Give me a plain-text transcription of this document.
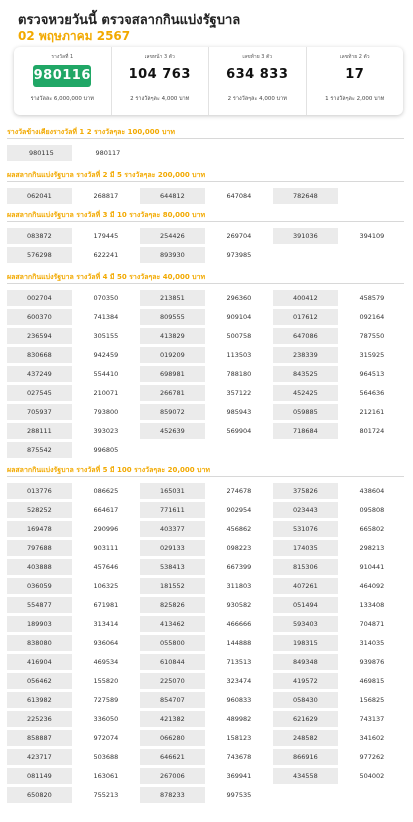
ตรวจหวยวันนี้ ตรวจสลากกินแบ่งรัฐบาล
02 พฤษภาคม 2567
รางวัลที่ 1
980116
รางวัลละ 6,000,000 บาท
เลขหน้า 3 ตัว
104 763
2 รางวัลๆละ 4,000 บาท
เลขท้าย 3 ตัว
634 833
2 รางวัลๆละ 4,000 บาท
เลขท้าย 2 ตัว
17
1 รางวัลๆละ 2,000 บาท
รางวัลข้างเคียงรางวัลที่ 1 2 รางวัลๆละ 100,000 บาท
980115	980117
ผลสลากกินแบ่งรัฐบาล รางวัลที่ 2 มี 5 รางวัลๆละ 200,000 บาท
062041	268817	644812	647084	782648
ผลสลากกินแบ่งรัฐบาล รางวัลที่ 3 มี 10 รางวัลๆละ 80,000 บาท
083872	179445	254426	269704	391036	394109
576298	622241	893930	973985
ผลสลากกินแบ่งรัฐบาล รางวัลที่ 4 มี 50 รางวัลๆละ 40,000 บาท
002704	070350	213851	296360	400412	458579
600370	741384	809555	909104	017612	092164
236594	305155	413829	500758	647086	787550
830668	942459	019209	113503	238339	315925
437249	554410	698981	788180	843525	964513
027545	210071	266781	357122	452425	564636
705937	793800	859072	985943	059885	212161
288111	393023	452639	569904	718684	801724
875542	996805
ผลสลากกินแบ่งรัฐบาล รางวัลที่ 5 มี 100 รางวัลๆละ 20,000 บาท
013776	086625	165031	274678	375826	438604
528252	664617	771611	902954	023443	095808
169478	290996	403377	456862	531076	665802
797688	903111	029133	098223	174035	298213
403888	457646	538413	667399	815306	910441
036059	106325	181552	311803	407261	464092
554877	671981	825826	930582	051494	133408
189903	313414	413462	466666	593403	704871
838080	936064	055800	144888	198315	314035
416904	469534	610844	713513	849348	939876
056462	155820	225070	323474	419572	469815
613982	727589	854707	960833	058430	156825
225236	336050	421382	489982	621629	743137
858887	972074	066280	158123	248582	341602
423717	503688	646621	743678	866916	977262
081149	163061	267006	369941	434558	504002
650820	755213	878233	997535
